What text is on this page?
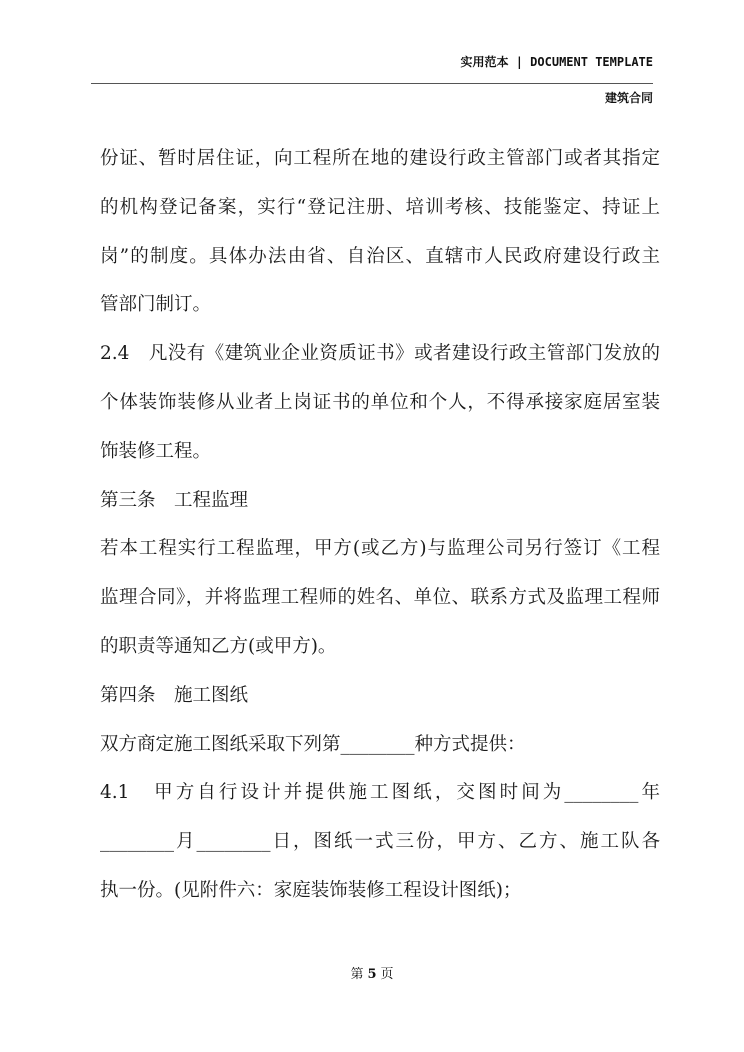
实用范本 | DOCUMENT TEMPLATE
建筑合同
份证、暂时居住证，向工程所在地的建设行政主管部门或者其指定
的机构登记备案，实行“登记注册、培训考核、技能鉴定、持证上
岗”的制度。具体办法由省、自治区、直辖市人民政府建设行政主
管部门制订。
2.4　凡没有《建筑业企业资质证书》或者建设行政主管部门发放的
个体装饰装修从业者上岗证书的单位和个人，不得承接家庭居室装
饰装修工程。
第三条　工程监理
若本工程实行工程监理，甲方(或乙方)与监理公司另行签订《工程
监理合同》，并将监理工程师的姓名、单位、联系方式及监理工程师
的职责等通知乙方(或甲方)。
第四条　施工图纸
双方商定施工图纸采取下列第________种方式提供：
4.1　甲方自行设计并提供施工图纸，交图时间为________年
________月________日，图纸一式三份，甲方、乙方、施工队各
执一份。(见附件六：家庭装饰装修工程设计图纸)；
第 5 页
